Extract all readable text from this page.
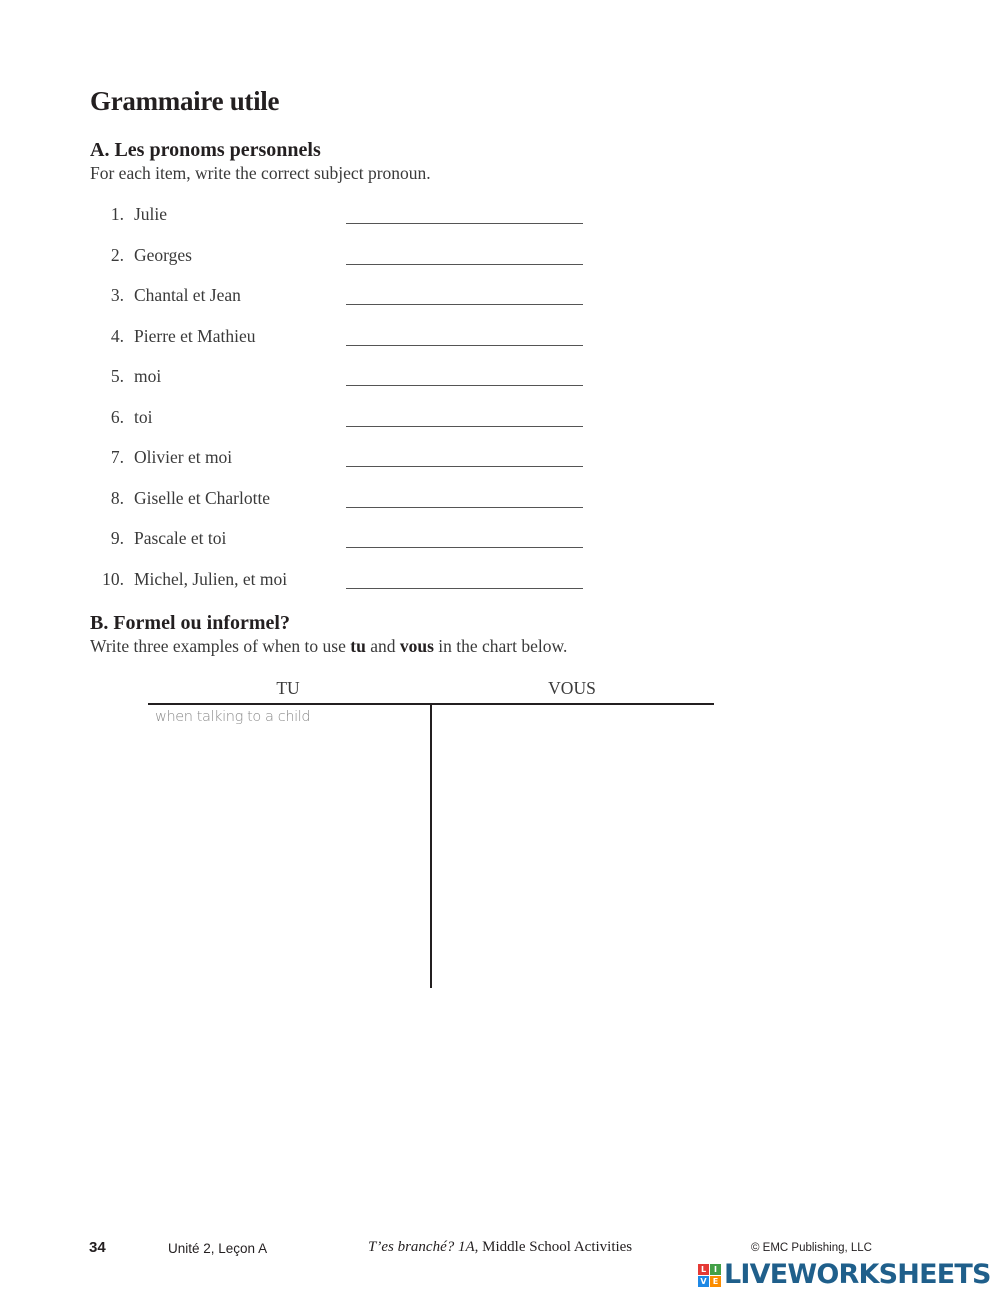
Grammaire utile
A. Les pronoms personnels

For each item, write the correct subject pronoun.

1. Julie
2. Georges
3. Chantal et Jean
4. Pierre et Mathieu
5. moi
6. toi
7. Olivier et moi
8. Giselle et Charlotte
9. Pascale et toi
10. Michel, Julien, et moi
B. Formel ou informel?

Write three examples of when to use tu and vous in the chart below.

TU	VOUS
when talking to a child
34	Unité 2, Leçon A	T’es branché? 1A, Middle School Activities	© EMC Publishing, LLC
L I
V E LIVEWORKSHEETS
